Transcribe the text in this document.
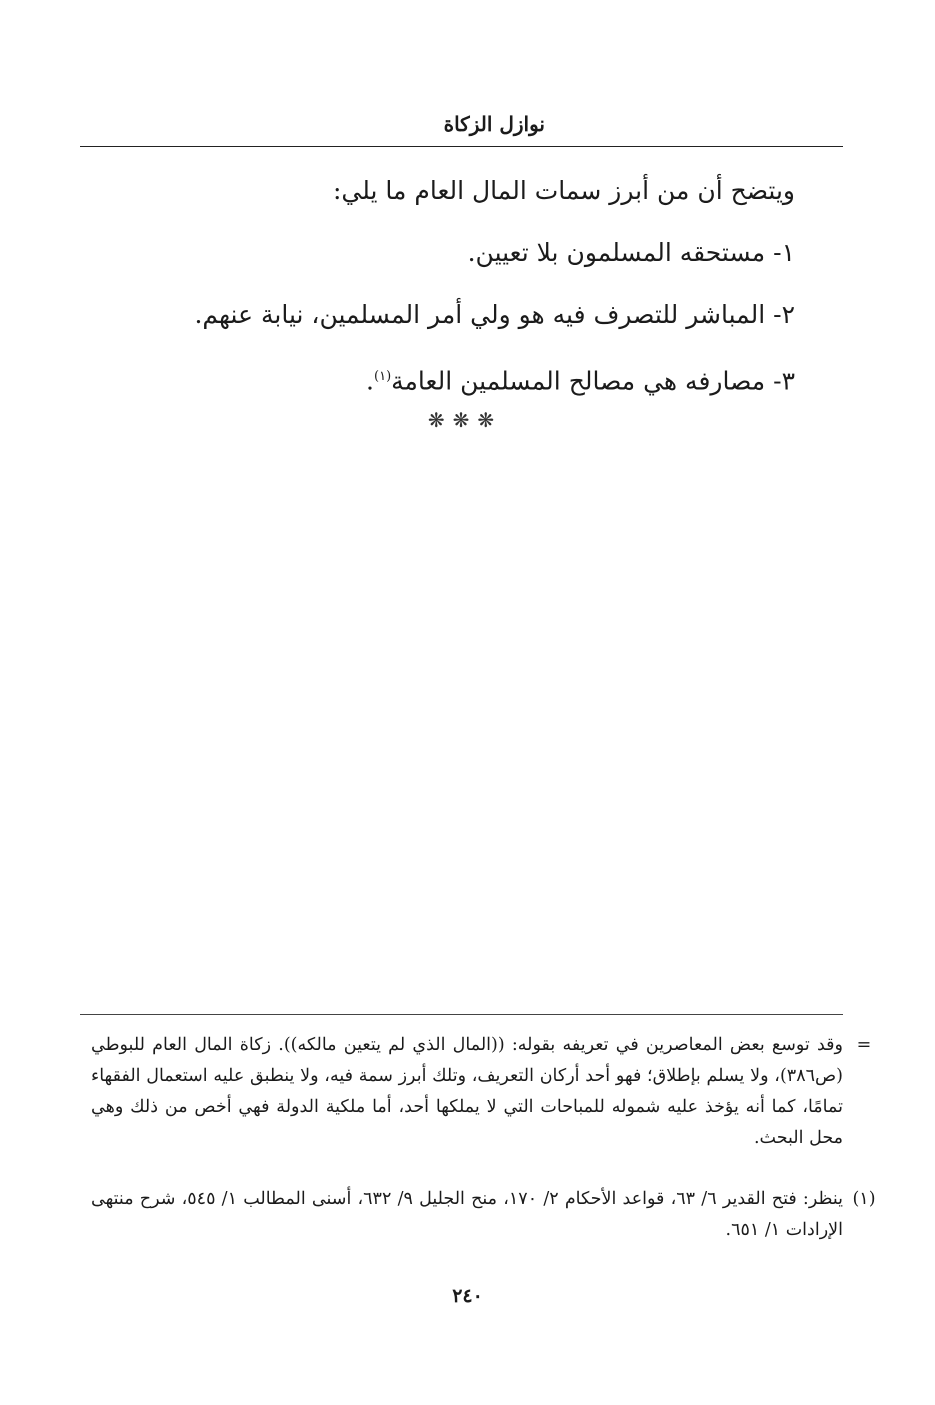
نوازل الزكاة
ويتضح أن من أبرز سمات المال العام ما يلي:
١- مستحقه المسلمون بلا تعيين.
٢- المباشر للتصرف فيه هو ولي أمر المسلمين، نيابة عنهم.
٣- مصارفه هي مصالح المسلمين العامة$^{(١)}$.
❋❋❋
=

وقد توسع بعض المعاصرين في تعريفه بقوله: ((المال الذي لم يتعين مالكه)). زكاة المال العام للبوطي (ص٣٨٦)، ولا يسلم بإطلاق؛ فهو أحد أركان التعريف، وتلك أبرز سمة فيه، ولا ينطبق عليه استعمال الفقهاء تمامًا، كما أنه يؤخذ عليه شموله للمباحات التي لا يملكها أحد، أما ملكية الدولة فهي أخص من ذلك وهي محل البحث.

(١)

ينظر: فتح القدير ٦/ ٦٣، قواعد الأحكام ٢/ ١٧٠، منح الجليل ٩/ ٦٣٢، أسنى المطالب ١/ ٥٤٥، شرح منتهى الإرادات ١/ ٦٥١.

٢٤٠
